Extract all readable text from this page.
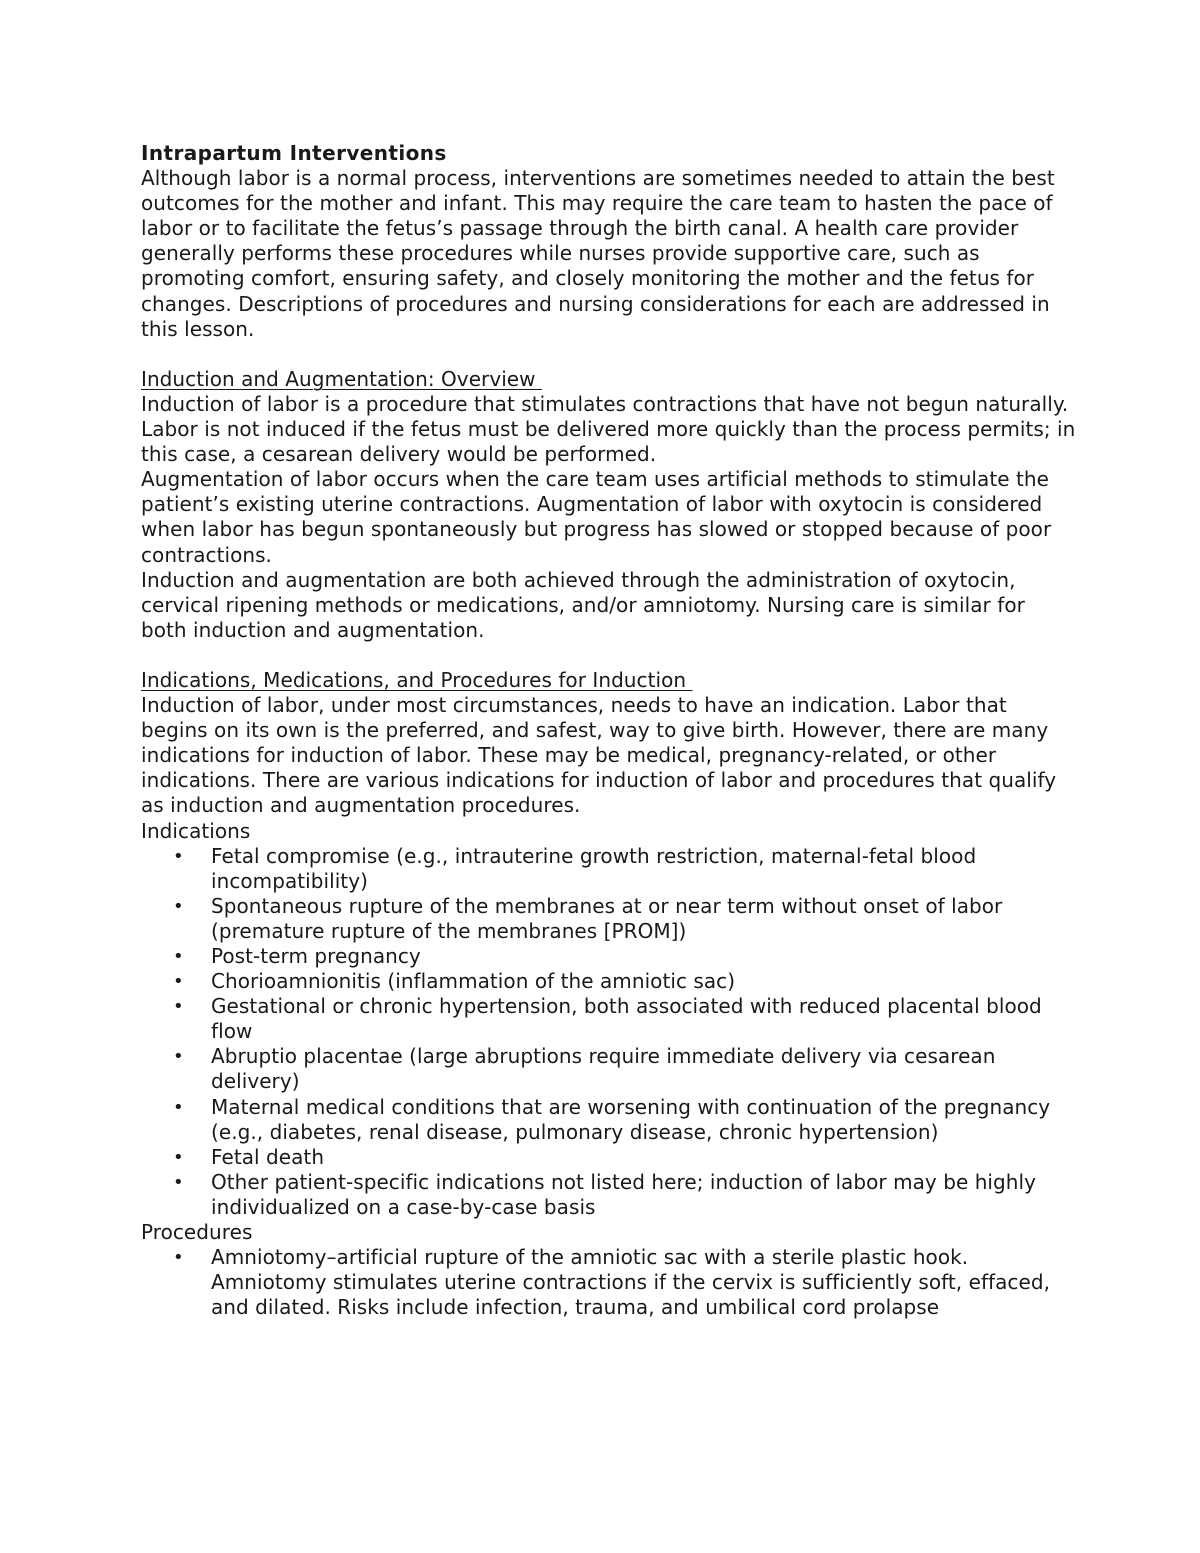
Intrapartum Interventions

Although labor is a normal process, interventions are sometimes needed to attain the best outcomes for the mother and infant. This may require the care team to hasten the pace of labor or to facilitate the fetus’s passage through the birth canal. A health care provider generally performs these procedures while nurses provide supportive care, such as promoting comfort, ensuring safety, and closely monitoring the mother and the fetus for changes. Descriptions of procedures and nursing considerations for each are addressed in this lesson.

Induction and Augmentation: Overview

Induction of labor is a procedure that stimulates contractions that have not begun naturally. Labor is not induced if the fetus must be delivered more quickly than the process permits; in this case, a cesarean delivery would be performed.

Augmentation of labor occurs when the care team uses artificial methods to stimulate the patient’s existing uterine contractions. Augmentation of labor with oxytocin is considered when labor has begun spontaneously but progress has slowed or stopped because of poor contractions.

Induction and augmentation are both achieved through the administration of oxytocin, cervical ripening methods or medications, and/or amniotomy. Nursing care is similar for both induction and augmentation.

Indications, Medications, and Procedures for Induction

Induction of labor, under most circumstances, needs to have an indication. Labor that begins on its own is the preferred, and safest, way to give birth. However, there are many indications for induction of labor. These may be medical, pregnancy-related, or other indications. There are various indications for induction of labor and procedures that qualify as induction and augmentation procedures.

Indications

• Fetal compromise (e.g., intrauterine growth restriction, maternal-fetal blood incompatibility)
• Spontaneous rupture of the membranes at or near term without onset of labor (premature rupture of the membranes [PROM])
• Post-term pregnancy
• Chorioamnionitis (inflammation of the amniotic sac)
• Gestational or chronic hypertension, both associated with reduced placental blood flow
• Abruptio placentae (large abruptions require immediate delivery via cesarean delivery)
• Maternal medical conditions that are worsening with continuation of the pregnancy (e.g., diabetes, renal disease, pulmonary disease, chronic hypertension)
• Fetal death
• Other patient-specific indications not listed here; induction of labor may be highly individualized on a case-by-case basis

Procedures

• Amniotomy–artificial rupture of the amniotic sac with a sterile plastic hook. Amniotomy stimulates uterine contractions if the cervix is sufficiently soft, effaced, and dilated. Risks include infection, trauma, and umbilical cord prolapse
